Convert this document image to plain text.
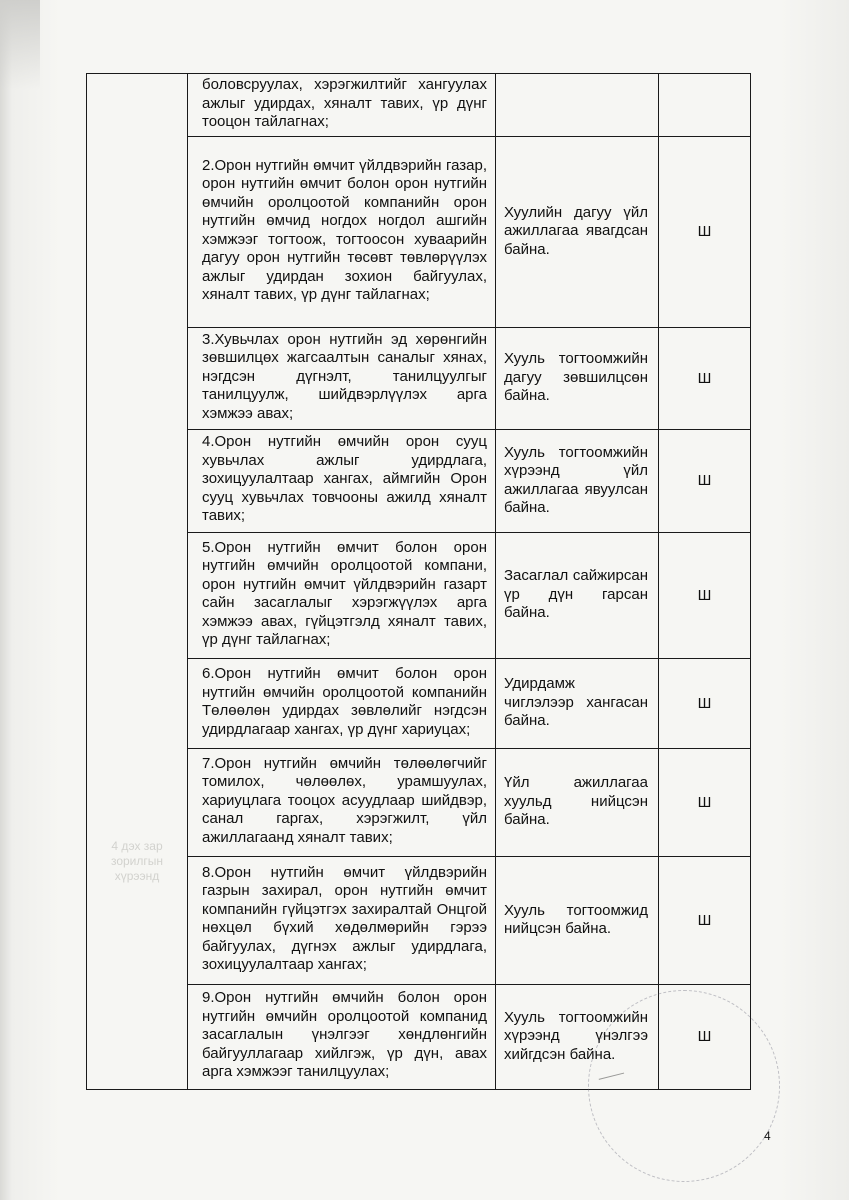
4 дэх зар
зорилгын
хүрээнд	боловсруулах, хэрэгжилтийг хангуулах ажлыг удирдах, хяналт тавих, үр дүнг тооцон тайлагнах;		

	2.Орон нутгийн өмчит үйлдвэрийн газар, орон нутгийн өмчит болон орон нутгийн өмчийн оролцоотой компанийн орон нутгийн өмчид ногдох ногдол ашгийн хэмжээг тогтоож, тогтоосон хуваарийн дагуу орон нутгийн төсөвт төвлөрүүлэх ажлыг удирдан зохион байгуулах, хяналт тавих, үр дүнг тайлагнах;	Хуулийн дагуу үйл ажиллагаа явагдсан байна.	Ш

	3.Хувьчлах орон нутгийн эд хөрөнгийн зөвшилцөх жагсаалтын саналыг хянах, нэгдсэн дүгнэлт, танилцуулгыг танилцуулж, шийдвэрлүүлэх арга хэмжээ авах;	Хууль тогтоомжийн дагуу зөвшилцсөн байна.	Ш

	4.Орон нутгийн өмчийн орон сууц хувьчлах ажлыг удирдлага, зохицуулалтаар хангах, аймгийн Орон сууц хувьчлах товчооны ажилд хяналт тавих;	Хууль тогтоомжийн хүрээнд үйл ажиллагаа явуулсан байна.	Ш

	5.Орон нутгийн өмчит болон орон нутгийн өмчийн оролцоотой компани, орон нутгийн өмчит үйлдвэрийн газарт сайн засаглалыг хэрэгжүүлэх арга хэмжээ авах, гүйцэтгэлд хяналт тавих, үр дүнг тайлагнах;	Засаглал сайжирсан үр дүн гарсан байна.	Ш

	6.Орон нутгийн өмчит болон орон нутгийн өмчийн оролцоотой компанийн Төлөөлөн удирдах зөвлөлийг нэгдсэн удирдлагаар хангах, үр дүнг хариуцах;	Удирдамж чиглэлээр хангасан байна.	Ш

	7.Орон нутгийн өмчийн төлөөлөгчийг томилох, чөлөөлөх, урамшуулах, хариуцлага тооцох асуудлаар шийдвэр, санал гаргах, хэрэгжилт, үйл ажиллагаанд хяналт тавих;	Үйл ажиллагаа хуульд нийцсэн байна.	Ш

	8.Орон нутгийн өмчит үйлдвэрийн газрын захирал, орон нутгийн өмчит компанийн гүйцэтгэх захиралтай Онцгой нөхцөл бүхий хөдөлмөрийн гэрээ байгуулах, дүгнэх ажлыг удирдлага, зохицуулалтаар хангах;	Хууль тогтоомжид нийцсэн байна.	Ш

	9.Орон нутгийн өмчийн болон орон нутгийн өмчийн оролцоотой компанид засаглалын үнэлгээг хөндлөнгийн байгууллагаар хийлгэж, үр дүн, авах арга хэмжээг танилцуулах;	Хууль тогтоомжийн хүрээнд үнэлгээ хийгдсэн байна.	Ш
4
